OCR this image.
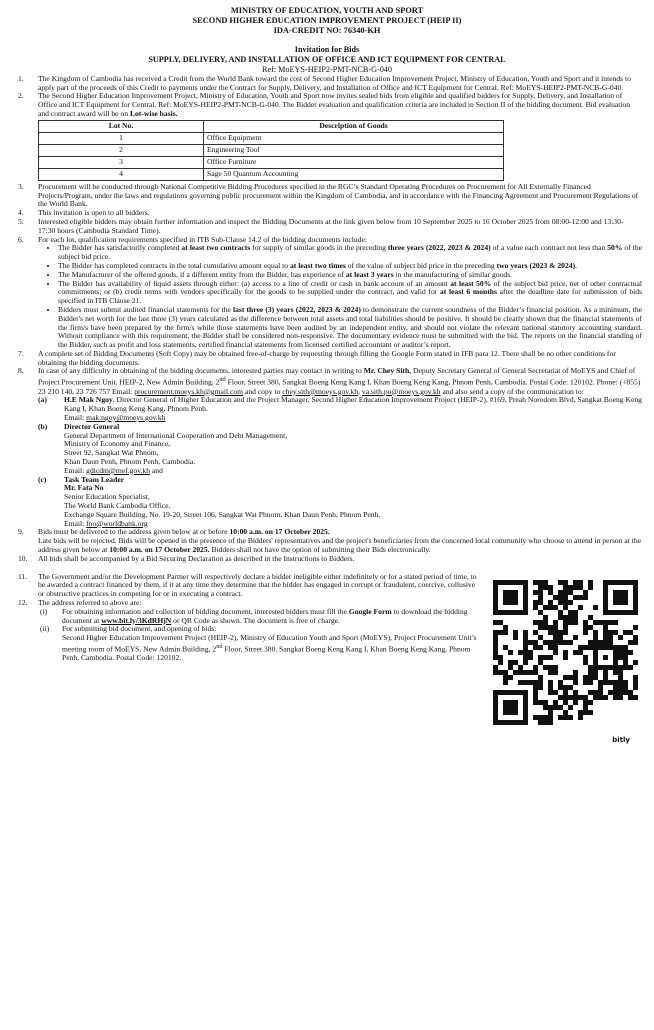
MINISTRY OF EDUCATION, YOUTH AND SPORT
SECOND HIGHER EDUCATION IMPROVEMENT PROJECT (HEIP II)
IDA-CREDIT NO: 76340-KH
Invitation for Bids
SUPPLY, DELIVERY, AND INSTALLATION OF OFFICE AND ICT EQUIPMENT FOR CENTRAL
Ref: MoEYS-HEIP2-PMT-NCB-G-040
1. The Kingdom of Cambodia has received a Credit from the World Bank toward the cost of Second Higher Education Improvement Project, Ministry of Education, Youth and Sport and it intends to apply part of the proceeds of this Credit to payments under the Contract for Supply, Delivery, and Installation of Office and ICT Equipment for Central. Ref: MoEYS-HEIP2-PMT-NCB-G-040.
2. The Second Higher Education Improvement Project, Ministry of Education, Youth and Sport now invites sealed bids from eligible and qualified bidders for Supply, Delivery, and Installation of Office and ICT Equipment for Central. Ref: MoEYS-HEIP2-PMT-NCB-G-040. The Bidder evaluation and qualification criteria are included in Section II of the bidding document. Bid evaluation and contract award will be on Lot-wise basis.
Lot No.	Description of Goods
1	Office Equipment
2	Engineering Tool
3	Office Furniture
4	Sage 50 Quantum Accounting
3. Procurement will be conducted through National Competitive Bidding Procedures specified in the RGC’s Standard Operating Procedures on Procurement for All Externally Financed Projects/Program, under the laws and regulations governing public procurement within the Kingdom of Cambodia, and in accordance with the Financing Agreement and Procurement Regulations of the World Bank.
4. This invitation is open to all bidders.
5. Interested eligible bidders may obtain further information and inspect the Bidding Documents at the link given below from 10 September 2025 to 16 October 2025 from 08:00-12:00 and 13:30- 17:30 hours (Cambodia Standard Time).
6. For each lot, qualification requirements specified in ITB Sub-Clause 14.2 of the bidding documents include:
• The Bidder has satisfactorily completed at least two contracts for supply of similar goods in the preceding three years (2022, 2023 & 2024) of a value each contract not less than 50% of the subject bid price.
• The Bidder has completed contracts in the total cumulative amount equal to at least two times of the value of subject bid price in the preceding two years (2023 & 2024).
• The Manufacturer of the offered goods, if a different entity from the Bidder, has experience of at least 3 years in the manufacturing of similar goods.
• The Bidder has availability of liquid assets through either: (a) access to a line of credit or cash in bank account of an amount at least 50% of the subject bid price, net of other contractual commitments; or (b) credit terms with vendors specifically for the goods to be supplied under the contract, and valid for at least 6 months after the deadline date for submission of bids specified in ITB Clause 21.
• Bidders must submit audited financial statements for the last three (3) years (2022, 2023 & 2024) to demonstrate the current soundness of the Bidder’s financial position. As a minimum, the Bidder's net worth for the last three (3) years calculated as the difference between total assets and total liabilities should be positive. It should be clearly shown that the financial statements of the firm/s have been prepared by the firm/s while those statements have been audited by an independent entity, and should not violate the relevant national statutory accounting standard. Without compliance with this requirement, the Bidder shall be considered non-responsive. The documentary evidence must be submitted with the bid. The reports on the financial standing of the Bidder, such as profit and loss statements, certified financial statements from licensed certified accountant or auditor’s report.
7. A complete set of Bidding Documents (Soft Copy) may be obtained free-of-charge by requesting through filling the Google Form stated in IFB para 12. There shall be no other conditions for obtaining the bidding documents.
8. In case of any difficulty in obtaining of the bidding documents, interested parties may contact in writing to Mr. Chey Sith, Deputy Secretary General of General Secretariat of MoEYS and Chief of Project Procurement Unit, HEIP-2, New Admin Building, 2nd Floor, Street 380, Sangkat Boeng Keng Kang I, Khan Boeng Keng Kang, Phnom Penh, Cambodia. Postal Code: 120102. Phone: (+855) 23 210 140, 23 726 757 Email: procurement.moeys.kh@gmail.com and copy to chey.sith@moeys.gov.kh, va.sith.pu@moeys.gov.kh and also send a copy of the communication to:
(a) H.E Mak Ngoy, Director General of Higher Education and the Project Manager, Second Higher Education Improvement Project (HEIP-2), #169, Preah Norodom Blvd, Sangkat Boeng Keng Kang I, Khan Boeng Keng Kang, Phnom Penh.
Email: mak.ngoy@moeys.gov.kh
(b) Director General
General Department of International Cooperation and Debt Management,
Ministry of Economy and Finance,
Street 92, Sangkat Wat Phnom,
Khan Daun Penh, Phnom Penh, Cambodia.
Email: gdicdm@mef.gov.kh and
(c) Task Team Leader
Mr. Fata No
Senior Education Specialist,
The World Bank Cambodia Office.
Exchange Square Building, No. 19-20, Street 106, Sangkat Wat Phnom, Khan Daun Penh, Phnom Penh.
Email: fno@worldbank.org
9. Bids must be delivered to the address given below at or before 10:00 a.m. on 17 October 2025.
Late bids will be rejected. Bids will be opened in the presence of the Bidders' representatives and the project's beneficiaries from the concerned local community who choose to attend in person at the address given below at 10:00 a.m. on 17 October 2025. Bidders shall not have the option of submitting their Bids electronically.
10. All bids shall be accompanied by a Bid Securing Declaration as described in the Instructions to Bidders.
11. The Government and/or the Development Partner will respectively declare a bidder ineligible either indefinitely or for a stated period of time, to be awarded a contract financed by them, if it at any time they determine that the bidder has engaged in corrupt or fraudulent, coercive, collusive or obstructive practices in competing for or in executing a contract.
12. The address referred to above are:
(i) For obtaining information and collection of bidding document, interested bidders must fill the Google Form to download the bidding document at www.bit.ly/3KdRHjN or QR Code as shown. The document is free of charge.
(ii) For submitting bid document, and opening of bids:
Second Higher Education Improvement Project (HEIP-2), Ministry of Education Youth and Sport (MoEYS), Project Procurement Unit’s meeting room of MoEYS, New Admin Building, 2nd Floor, Street 380, Sangkat Boeng Keng Kang I, Khan Boeng Keng Kang, Phnom Penh, Cambodia. Postal Code: 120102.
bitly
